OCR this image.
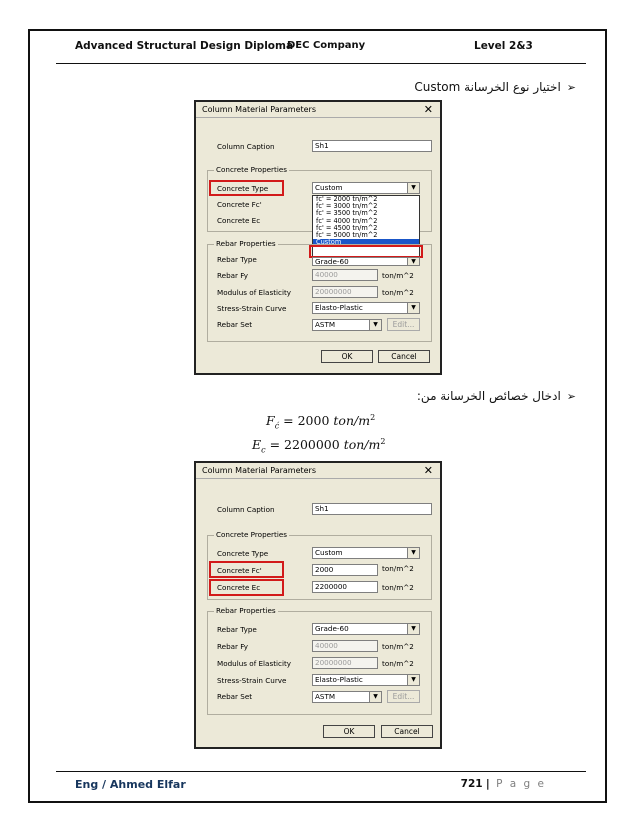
Advanced Structural Design Diploma
DEC Company	Level 2&3
➢اختيار نوع الخرسانة Custom
Column Material Parameters	✕
Column Caption	Sh1
Concrete Properties
Concrete Type	Custom	▼
Concrete Fc'
Concrete Ec
fc' = 2000 tn/m^2
fc' = 3000 tn/m^2
fc' = 3500 tn/m^2
fc' = 4000 tn/m^2
fc' = 4500 tn/m^2
fc' = 5000 tn/m^2
Custom
Rebar Properties
Rebar Type	Grade-60	▼
Rebar Fy	40000	ton/m^2
Modulus of Elasticity	20000000	ton/m^2
Stress-Strain Curve	Elasto-Plastic	▼
Rebar Set	ASTM	▼	Edit...
OK	Cancel
➢ادخال خصائص الخرسانة من:
$F_ć = 2000$ ton/$m^2$
$E_c = 2200000$ ton/$m^2$
Column Material Parameters	✕
Column Caption	Sh1
Concrete Properties
Concrete Type	Custom	▼
Concrete Fc'	2000	ton/m^2
Concrete Ec	2200000	ton/m^2
Rebar Properties
Rebar Type	Grade-60	▼
Rebar Fy	40000	ton/m^2
Modulus of Elasticity	20000000	ton/m^2
Stress-Strain Curve	Elasto-Plastic	▼
Rebar Set	ASTM	▼	Edit...
OK	Cancel
Eng / Ahmed Elfar	721 | P a g e
